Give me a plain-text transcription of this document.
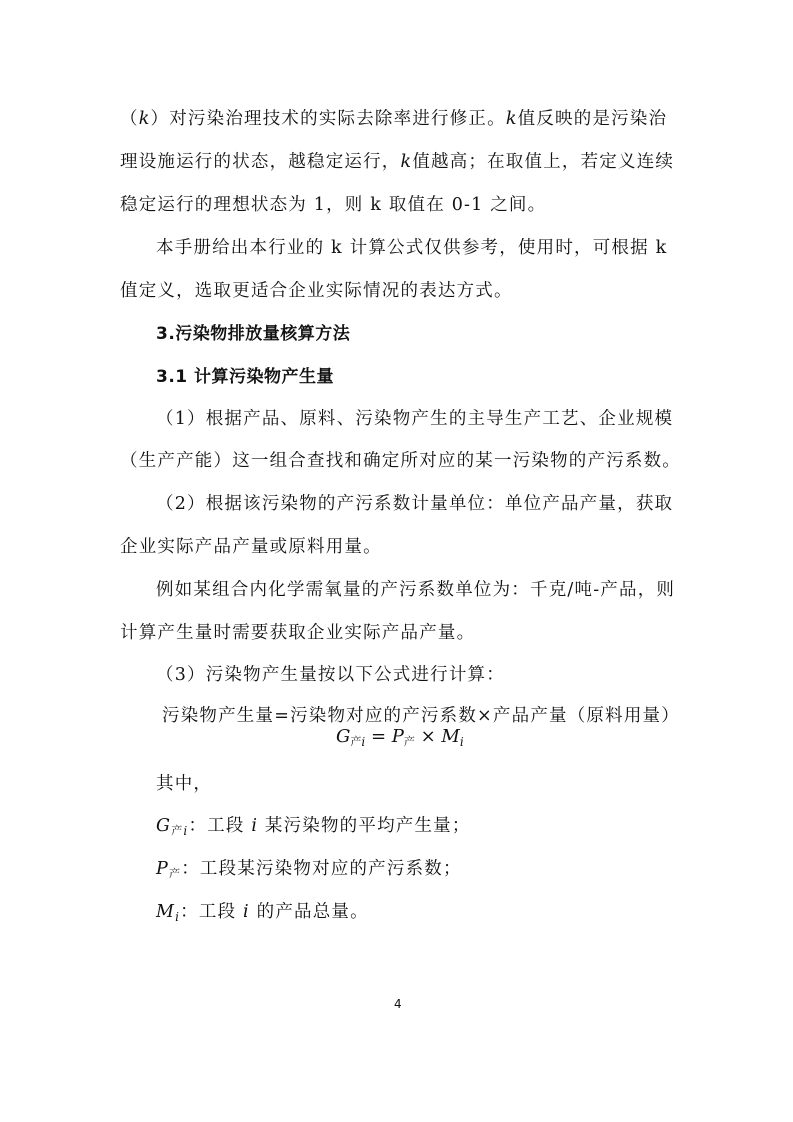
（k）对污染治理技术的实际去除率进行修正。k值反映的是污染治
理设施运行的状态，越稳定运行，k值越高；在取值上，若定义连续
稳定运行的理想状态为 1，则 k 取值在 0-1 之间。
本手册给出本行业的 k 计算公式仅供参考，使用时，可根据 k
值定义，选取更适合企业实际情况的表达方式。
3.污染物排放量核算方法
3.1 计算污染物产生量
（1）根据产品、原料、污染物产生的主导生产工艺、企业规模
（生产产能）这一组合查找和确定所对应的某一污染物的产污系数。
（2）根据该污染物的产污系数计量单位：单位产品产量，获取
企业实际产品产量或原料用量。
例如某组合内化学需氧量的产污系数单位为：千克/吨-产品，则
计算产生量时需要获取企业实际产品产量。
（3）污染物产生量按以下公式进行计算：
污染物产生量=污染物对应的产污系数×产品产量（原料用量）
$G_{产i} = P_产 \times M_i$
其中，
$G_{产i}$：工段 i 某污染物的平均产生量；
$P_产$：工段某污染物对应的产污系数；
$M_i$：工段 i 的产品总量。
4
